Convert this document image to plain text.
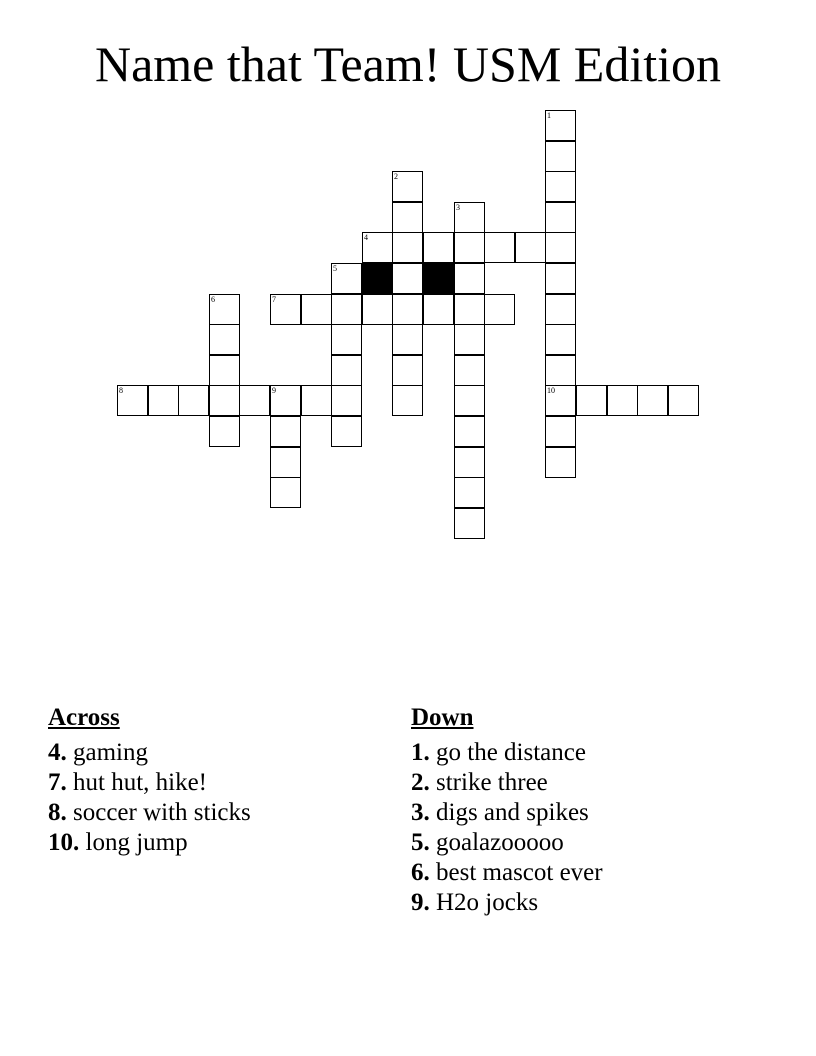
Name that Team! USM Edition
1
10
2
3
4
5
6	7
8	9
Across
4. gaming
7. hut hut, hike!
8. soccer with sticks
10. long jump
Down
1. go the distance
2. strike three
3. digs and spikes
5. goalazooooo
6. best mascot ever
9. H2o jocks
